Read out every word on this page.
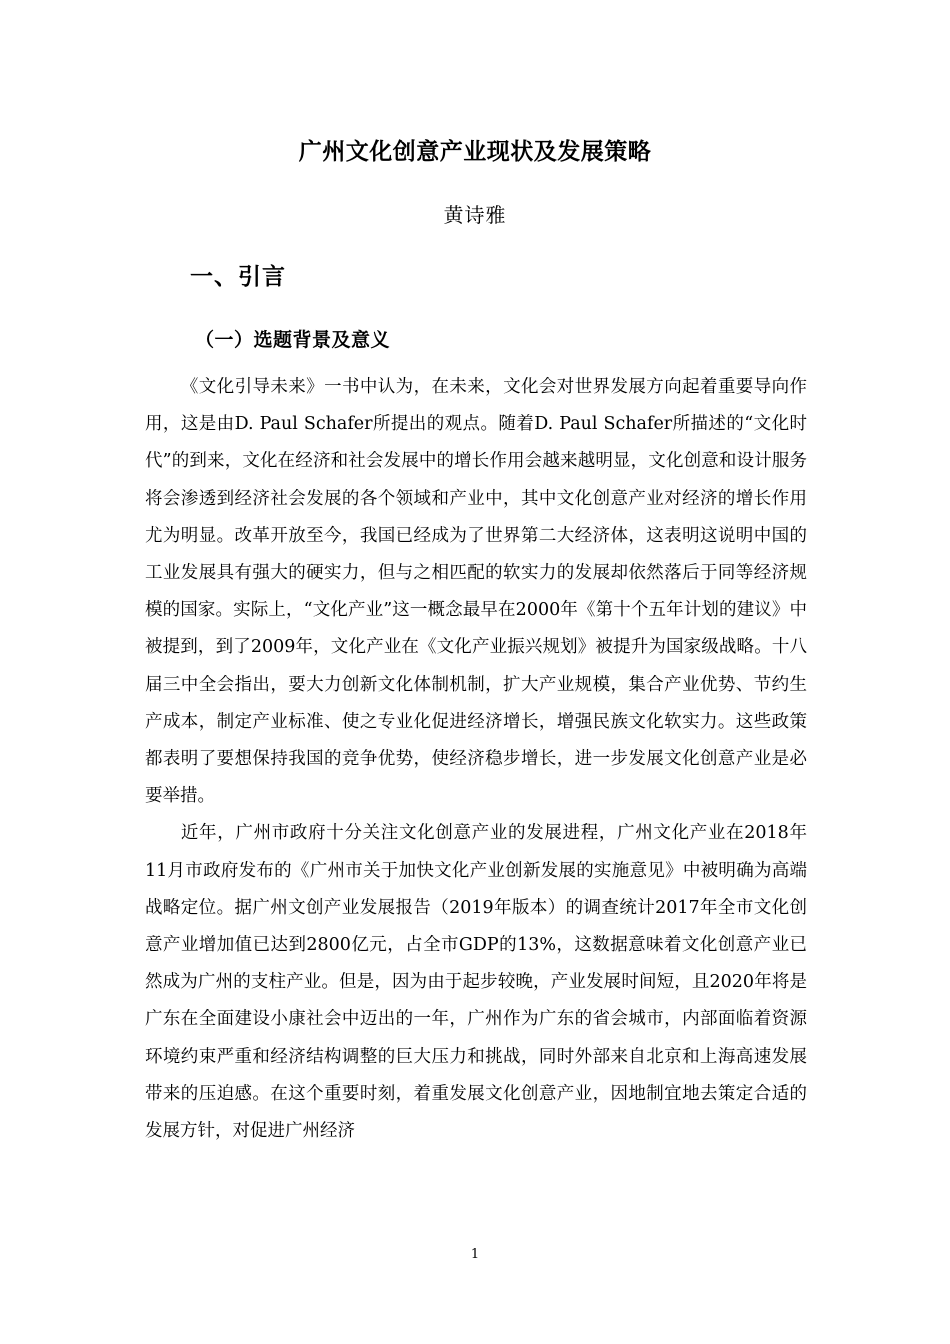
广州文化创意产业现状及发展策略
黄诗雅
一、引言
（一）选题背景及意义

《文化引导未来》一书中认为，在未来，文化会对世界发展方向起着重要导向作用，这是由D. Paul Schafer所提出的观点。随着D. Paul Schafer所描述的“文化时代”的到来，文化在经济和社会发展中的增长作用会越来越明显，文化创意和设计服务将会渗透到经济社会发展的各个领域和产业中，其中文化创意产业对经济的增长作用尤为明显。改革开放至今，我国已经成为了世界第二大经济体，这表明这说明中国的工业发展具有强大的硬实力，但与之相匹配的软实力的发展却依然落后于同等经济规模的国家。实际上，“文化产业”这一概念最早在2000年《第十个五年计划的建议》中被提到，到了2009年，文化产业在《文化产业振兴规划》被提升为国家级战略。十八届三中全会指出，要大力创新文化体制机制，扩大产业规模，集合产业优势、节约生产成本，制定产业标准、使之专业化促进经济增长，增强民族文化软实力。这些政策都表明了要想保持我国的竞争优势，使经济稳步增长，进一步发展文化创意产业是必要举措。

近年，广州市政府十分关注文化创意产业的发展进程，广州文化产业在2018年11月市政府发布的《广州市关于加快文化产业创新发展的实施意见》中被明确为高端战略定位。据广州文创产业发展报告（2019年版本）的调查统计2017年全市文化创意产业增加值已达到2800亿元，占全市GDP的13%，这数据意味着文化创意产业已然成为广州的支柱产业。但是，因为由于起步较晚，产业发展时间短，且2020年将是广东在全面建设小康社会中迈出的一年，广州作为广东的省会城市，内部面临着资源环境约束严重和经济结构调整的巨大压力和挑战，同时外部来自北京和上海高速发展带来的压迫感。在这个重要时刻，着重发展文化创意产业，因地制宜地去策定合适的发展方针，对促进广州经济

1
